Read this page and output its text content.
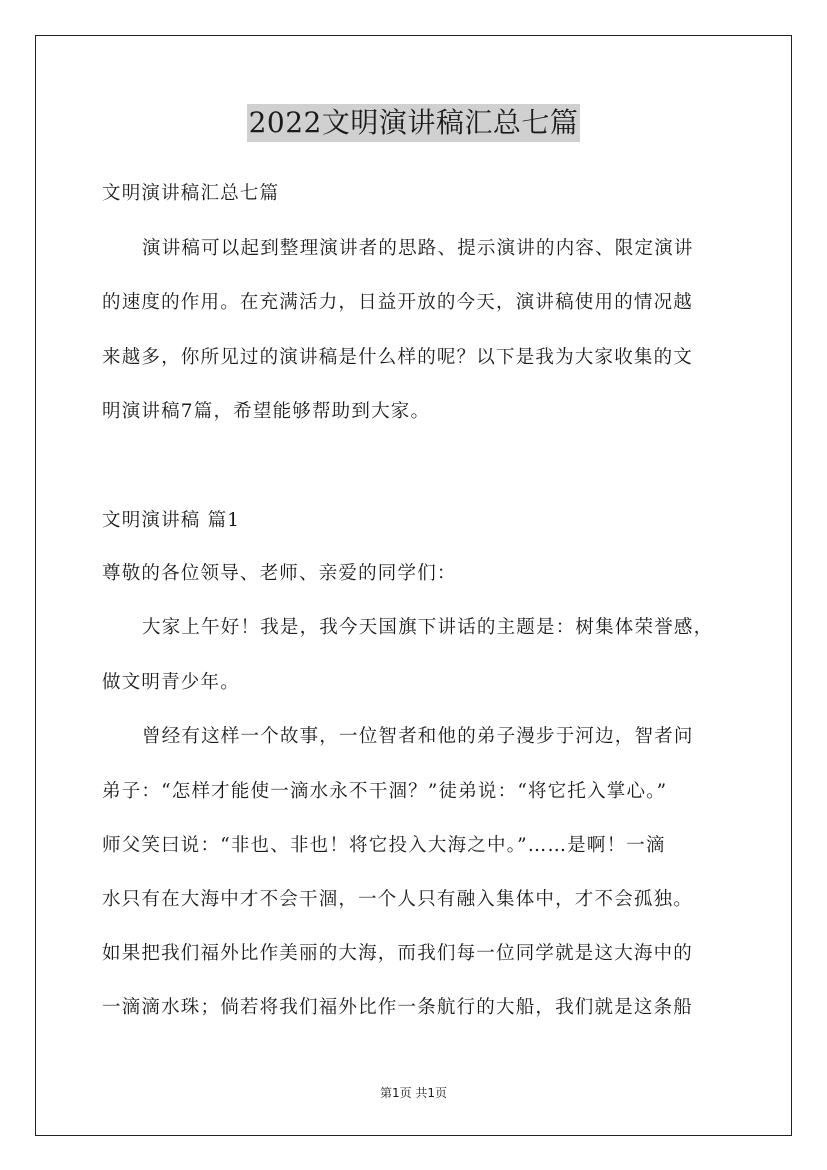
2022文明演讲稿汇总七篇
文明演讲稿汇总七篇
演讲稿可以起到整理演讲者的思路、提示演讲的内容、限定演讲
的速度的作用。在充满活力，日益开放的今天，演讲稿使用的情况越
来越多，你所见过的演讲稿是什么样的呢？以下是我为大家收集的文
明演讲稿7篇，希望能够帮助到大家。
文明演讲稿 篇1
尊敬的各位领导、老师、亲爱的同学们：
大家上午好！我是，我今天国旗下讲话的主题是：树集体荣誉感，
做文明青少年。
曾经有这样一个故事，一位智者和他的弟子漫步于河边，智者问
弟子：“怎样才能使一滴水永不干涸？”徒弟说：“将它托入掌心。”
师父笑曰说：“非也、非也！将它投入大海之中。”……是啊！一滴
水只有在大海中才不会干涸，一个人只有融入集体中，才不会孤独。
如果把我们福外比作美丽的大海，而我们每一位同学就是这大海中的
一滴滴水珠；倘若将我们福外比作一条航行的大船，我们就是这条船
第1页 共1页
